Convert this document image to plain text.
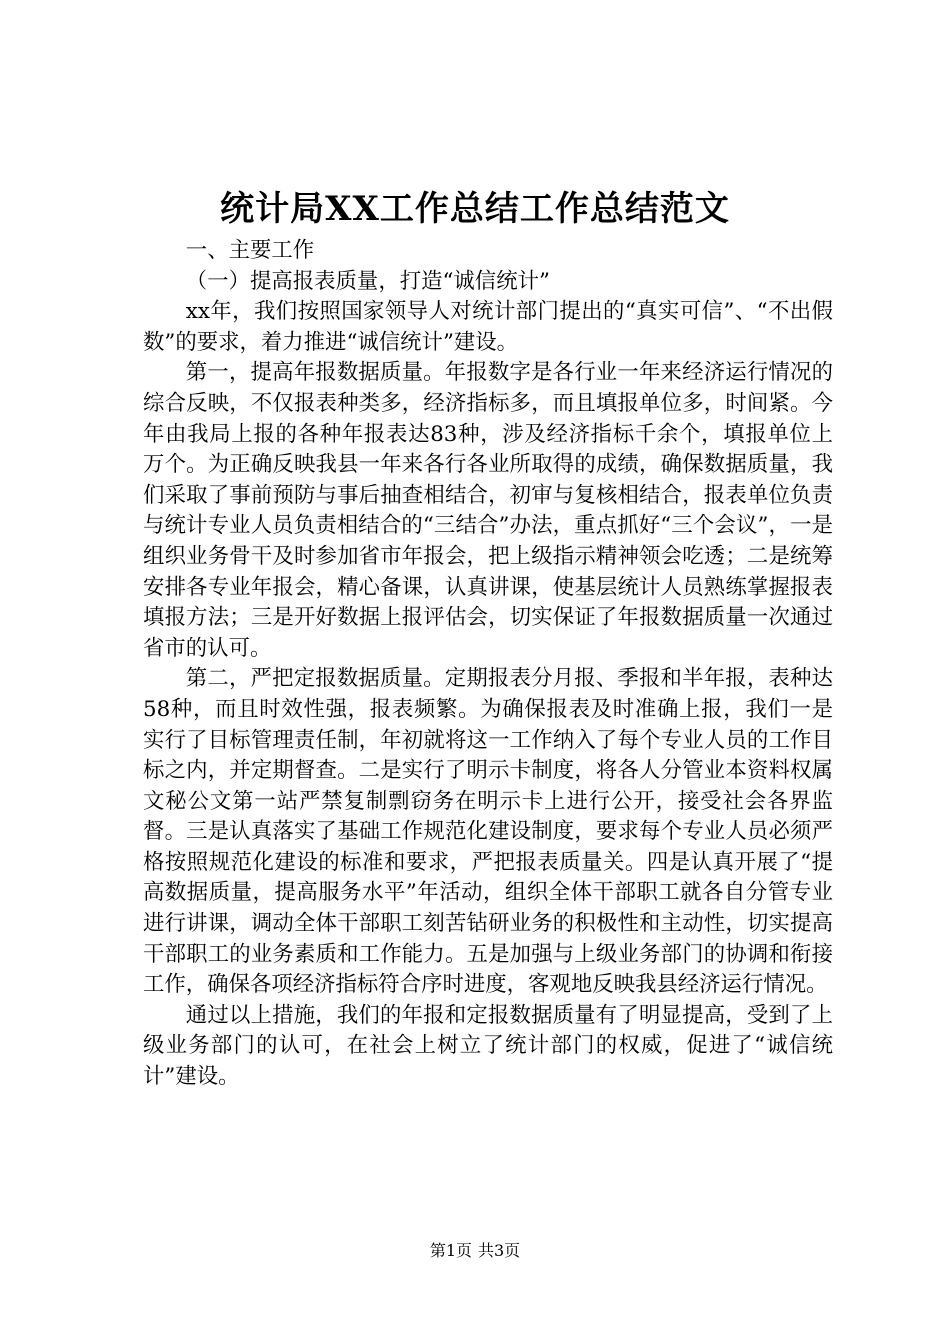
统计局XX工作总结工作总结范文

一、主要工作

（一）提高报表质量，打造“诚信统计”

xx年，我们按照国家领导人对统计部门提出的“真实可信”、“不出假数”的要求，着力推进“诚信统计”建设。

第一，提高年报数据质量。年报数字是各行业一年来经济运行情况的综合反映，不仅报表种类多，经济指标多，而且填报单位多，时间紧。今年由我局上报的各种年报表达83种，涉及经济指标千余个，填报单位上万个。为正确反映我县一年来各行各业所取得的成绩，确保数据质量，我们采取了事前预防与事后抽查相结合，初审与复核相结合，报表单位负责与统计专业人员负责相结合的“三结合”办法，重点抓好“三个会议”，一是组织业务骨干及时参加省市年报会，把上级指示精神领会吃透；二是统筹安排各专业年报会，精心备课，认真讲课，使基层统计人员熟练掌握报表填报方法；三是开好数据上报评估会，切实保证了年报数据质量一次通过省市的认可。

第二，严把定报数据质量。定期报表分月报、季报和半年报，表种达58种，而且时效性强，报表频繁。为确保报表及时准确上报，我们一是实行了目标管理责任制，年初就将这一工作纳入了每个专业人员的工作目标之内，并定期督查。二是实行了明示卡制度，将各人分管业本资料权属文秘公文第一站严禁复制剽窃务在明示卡上进行公开，接受社会各界监督。三是认真落实了基础工作规范化建设制度，要求每个专业人员必须严格按照规范化建设的标准和要求，严把报表质量关。四是认真开展了“提高数据质量，提高服务水平”年活动，组织全体干部职工就各自分管专业进行讲课，调动全体干部职工刻苦钻研业务的积极性和主动性，切实提高干部职工的业务素质和工作能力。五是加强与上级业务部门的协调和衔接工作，确保各项经济指标符合序时进度，客观地反映我县经济运行情况。

通过以上措施，我们的年报和定报数据质量有了明显提高，受到了上级业务部门的认可，在社会上树立了统计部门的权威，促进了“诚信统计”建设。

第1页 共3页
